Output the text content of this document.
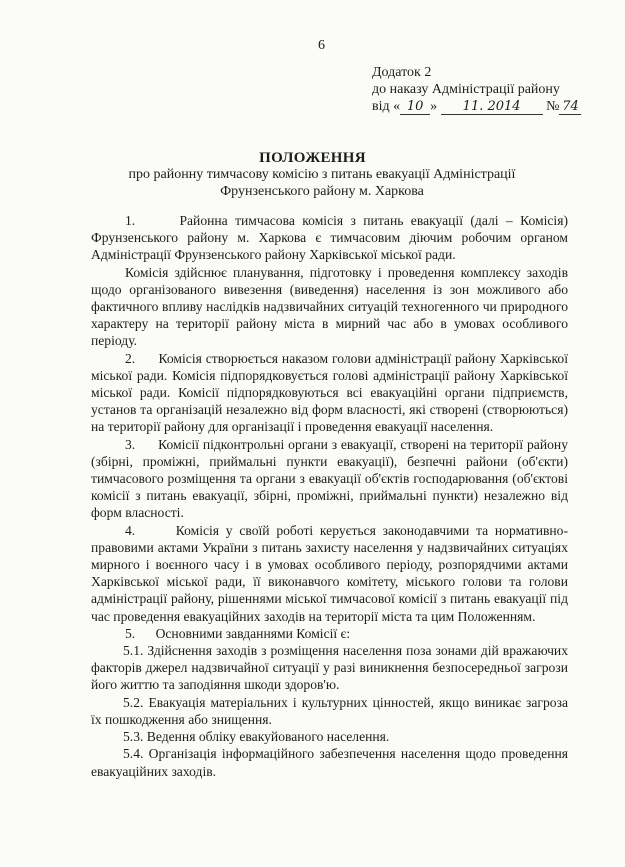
6
Додаток 2
до наказу Адміністрації району
від « 10 » 11. 2014 № 74
ПОЛОЖЕННЯ
про районну тимчасову комісію з питань евакуації Адміністрації Фрунзенського району м. Харкова

1.      Районна тимчасова комісія з питань евакуації (далі – Комісія) Фрунзенського району м. Харкова є тимчасовим діючим робочим органом Адміністрації Фрунзенського району Харківської міської ради.

Комісія здійснює планування, підготовку і проведення комплексу заходів щодо організованого вивезення (виведення) населення із зон можливого або фактичного впливу наслідків надзвичайних ситуацій техногенного чи природного характеру на території району міста в мирний час або в умовах особливого періоду.

2.      Комісія створюється наказом голови адміністрації району Харківської міської ради. Комісія підпорядковується голові адміністрації району Харківської міської ради. Комісії підпорядковуються всі евакуаційні органи підприємств, установ та організацій незалежно від форм власності, які створені (створюються) на території району для організації і проведення евакуації населення.

3.      Комісії підконтрольні органи з евакуації, створені на території району (збірні, проміжні, приймальні пункти евакуації), безпечні райони (об'єкти) тимчасового розміщення та органи з евакуації об'єктів господарювання (об'єктові комісії з питань евакуації, збірні, проміжні, приймальні пункти) незалежно від форм власності.

4.      Комісія у своїй роботі керується законодавчими та нормативно-правовими актами України з питань захисту населення у надзвичайних ситуаціях мирного і воєнного часу і в умовах особливого періоду, розпорядчими актами Харківської міської ради, її виконавчого комітету, міського голови та голови адміністрації району, рішеннями міської тимчасової комісії з питань евакуації під час проведення евакуаційних заходів на території міста та цим Положенням.

5.      Основними завданнями Комісії є:

5.1. Здійснення заходів з розміщення населення поза зонами дій вражаючих факторів джерел надзвичайної ситуації у разі виникнення безпосередньої загрози його життю та заподіяння шкоди здоров'ю.

5.2. Евакуація матеріальних і культурних цінностей, якщо виникає загроза їх пошкодження або знищення.

5.3. Ведення обліку евакуйованого населення.

5.4. Організація інформаційного забезпечення населення щодо проведення евакуаційних заходів.
